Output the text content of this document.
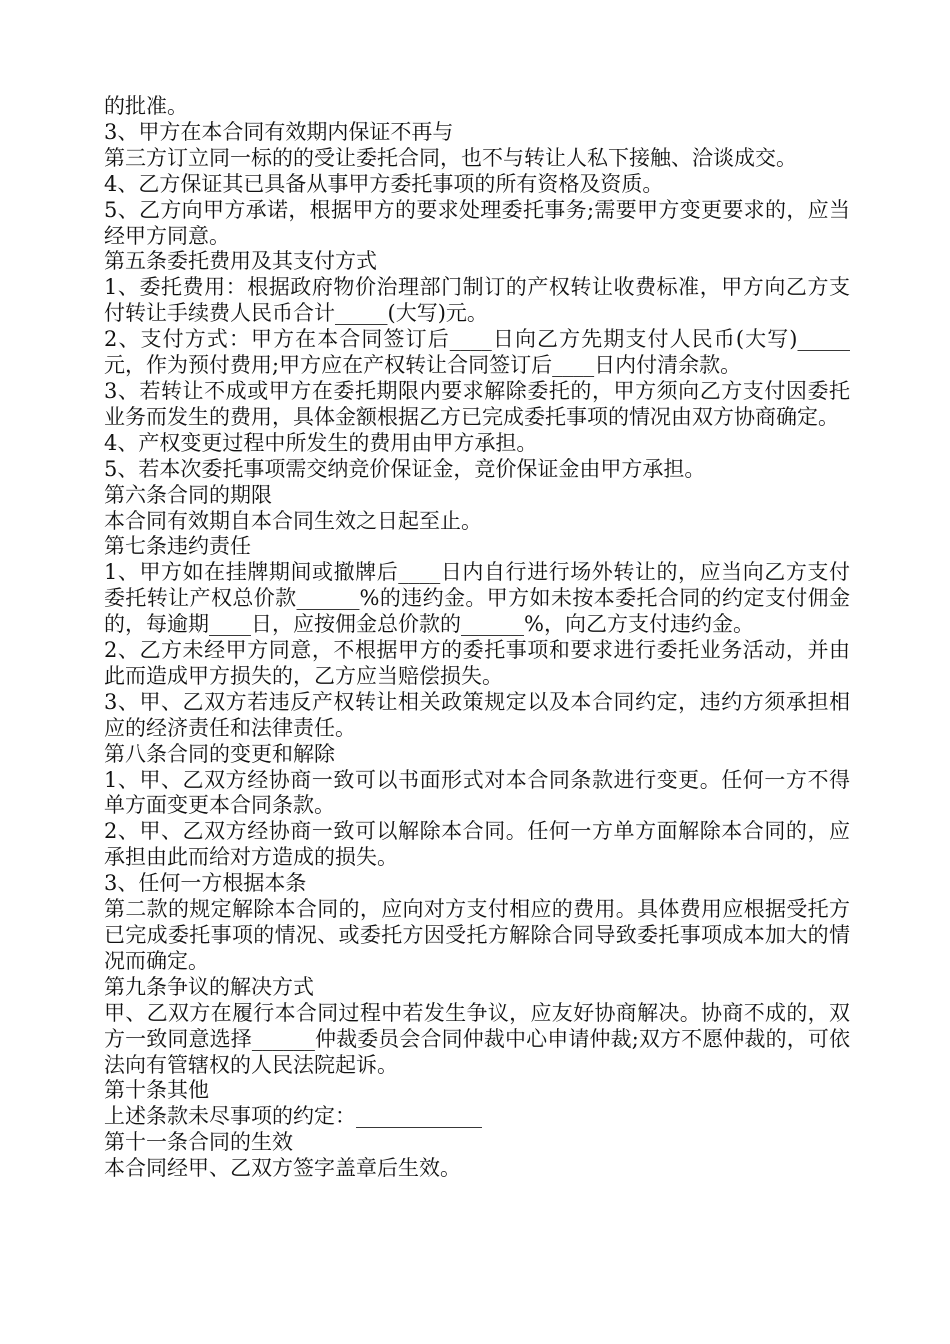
的批准。

3、甲方在本合同有效期内保证不再与

第三方订立同一标的的受让委托合同，也不与转让人私下接触、洽谈成交。

4、乙方保证其已具备从事甲方委托事项的所有资格及资质。

5、乙方向甲方承诺，根据甲方的要求处理委托事务;需要甲方变更要求的，应当经甲方同意。

第五条委托费用及其支付方式

1、委托费用：根据政府物价治理部门制订的产权转让收费标准，甲方向乙方支付转让手续费人民币合计_____(大写)元。

2、支付方式：甲方在本合同签订后____日向乙方先期支付人民币(大写)_____元，作为预付费用;甲方应在产权转让合同签订后____日内付清余款。

3、若转让不成或甲方在委托期限内要求解除委托的，甲方须向乙方支付因委托业务而发生的费用，具体金额根据乙方已完成委托事项的情况由双方协商确定。

4、产权变更过程中所发生的费用由甲方承担。

5、若本次委托事项需交纳竞价保证金，竞价保证金由甲方承担。

第六条合同的期限

本合同有效期自本合同生效之日起至止。

第七条违约责任

1、甲方如在挂牌期间或撤牌后____日内自行进行场外转让的，应当向乙方支付委托转让产权总价款______%的违约金。甲方如未按本委托合同的约定支付佣金的，每逾期____日，应按佣金总价款的______%，向乙方支付违约金。

2、乙方未经甲方同意，不根据甲方的委托事项和要求进行委托业务活动，并由此而造成甲方损失的，乙方应当赔偿损失。

3、甲、乙双方若违反产权转让相关政策规定以及本合同约定，违约方须承担相应的经济责任和法律责任。

第八条合同的变更和解除

1、甲、乙双方经协商一致可以书面形式对本合同条款进行变更。任何一方不得单方面变更本合同条款。

2、甲、乙双方经协商一致可以解除本合同。任何一方单方面解除本合同的，应承担由此而给对方造成的损失。

3、任何一方根据本条

第二款的规定解除本合同的，应向对方支付相应的费用。具体费用应根据受托方已完成委托事项的情况、或委托方因受托方解除合同导致委托事项成本加大的情况而确定。

第九条争议的解决方式

甲、乙双方在履行本合同过程中若发生争议，应友好协商解决。协商不成的，双方一致同意选择______仲裁委员会合同仲裁中心申请仲裁;双方不愿仲裁的，可依法向有管辖权的人民法院起诉。

第十条其他

上述条款未尽事项的约定：____________

第十一条合同的生效

本合同经甲、乙双方签字盖章后生效。
